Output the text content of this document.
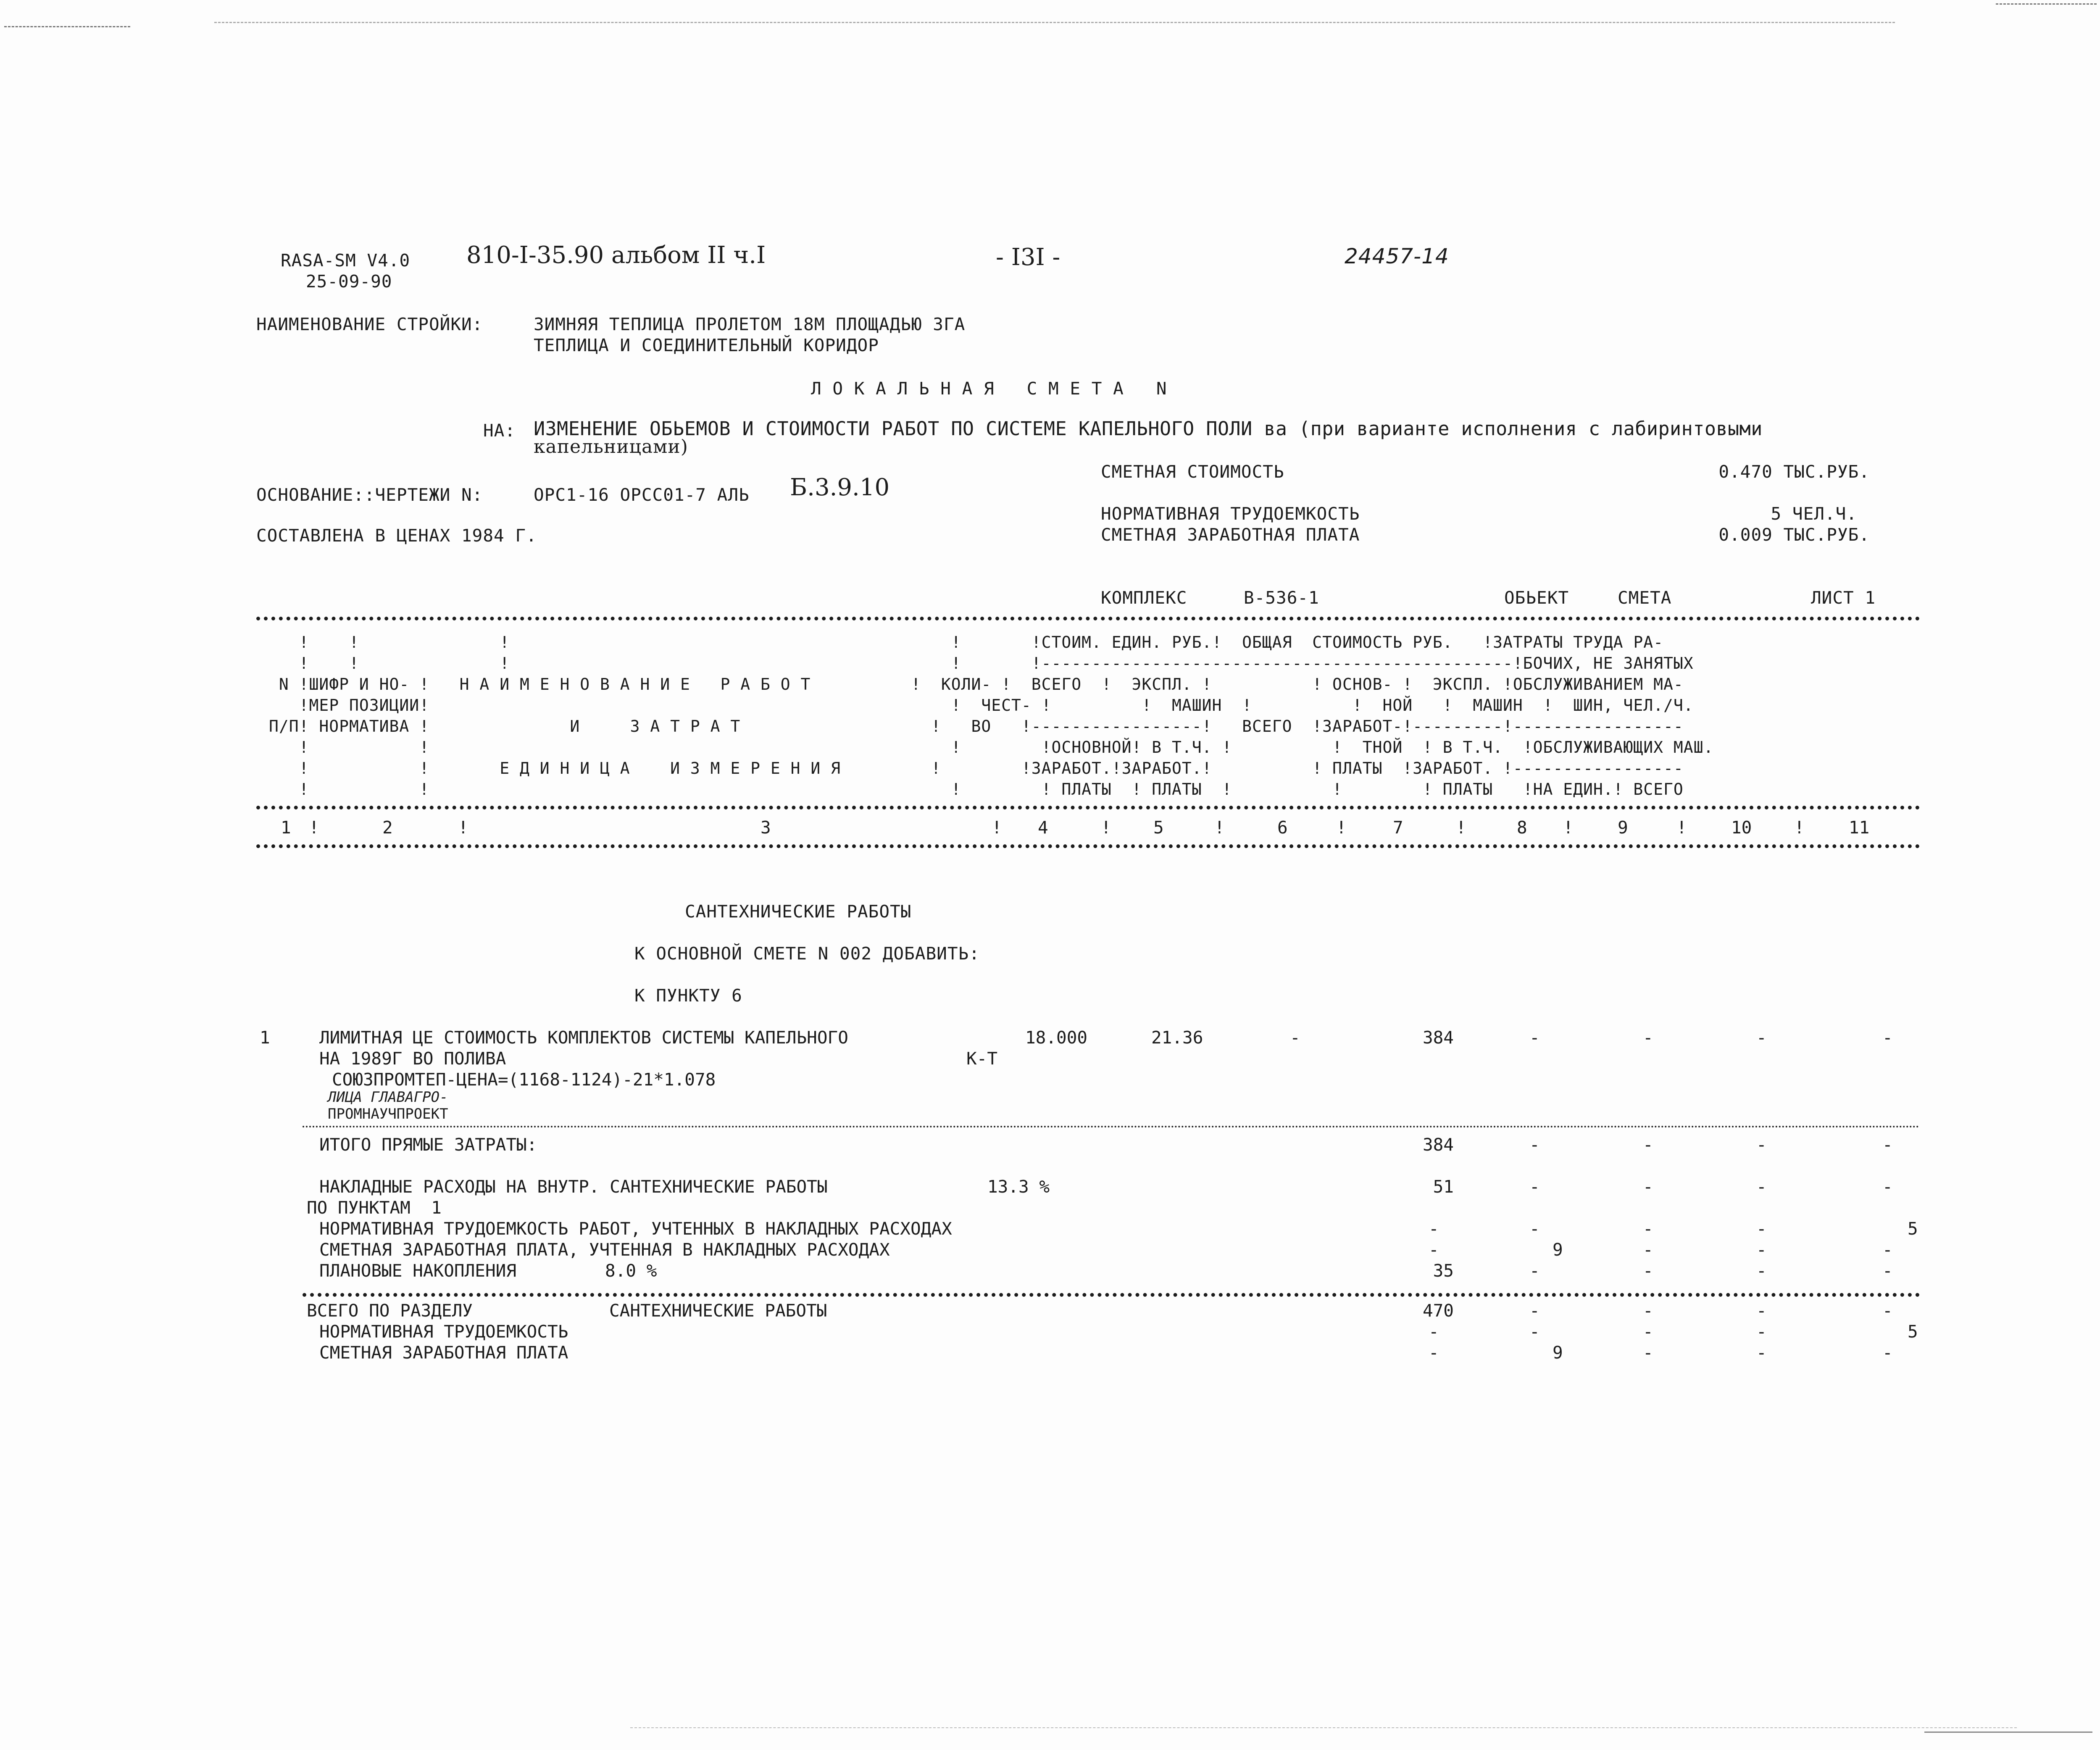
RASA-SM V4.0
25-09-90
810-I-35.90 альбом II ч.I	- I3I -	24457-14
НАИМЕНОВАНИЕ СТРОЙКИ:	ЗИМНЯЯ ТЕПЛИЦА ПРОЛЕТОМ 18М ПЛОЩАДЬЮ 3ГА
ТЕПЛИЦА И СОЕДИНИТЕЛЬНЫЙ КОРИДОР
Л О К А Л Ь Н А Я   С М Е Т А   N
НА: ИЗМЕНЕНИЕ ОБЬЕМОВ И СТОИМОСТИ РАБОТ ПО СИСТЕМЕ КАПЕЛЬНОГО ПОЛИ ва (при варианте исполнения с лабиринтовыми
капельницами)
ОСНОВАНИЕ::ЧЕРТЕЖИ N:	ОРС1-16 ОРСС01-7 АЛЬ Б.3.9.10
СОСТАВЛЕНА В ЦЕНАХ 1984 Г.
СМЕТНАЯ СТОИМОСТЬ	0.470 ТЫС.РУБ.
НОРМАТИВНАЯ ТРУДОЕМКОСТЬ	5 ЧЕЛ.Ч.
СМЕТНАЯ ЗАРАБОТНАЯ ПЛАТА	0.009 ТЫС.РУБ.
КОМПЛЕКС	В-536-1	ОБЬЕКТ	СМЕТА	ЛИСТ 1
!    !              !                                            !       !СТОИМ. ЕДИН. РУБ.!  ОБЩАЯ  СТОИМОСТЬ РУБ.   !ЗАТРАТЫ ТРУДА РА-
!    !              !                                            !       !-----------------------------------------------!БОЧИХ, НЕ ЗАНЯТЫХ
N !ШИФР И НО- !   Н А И М Е Н О В А Н И Е   Р А Б О Т          !  КОЛИ- !  ВСЕГО  !  ЭКСПЛ. !          ! ОСНОВ- !  ЭКСПЛ. !ОБСЛУЖИВАНИЕМ МА-
!МЕР ПОЗИЦИИ!                                                    !  ЧЕСТ- !         !  МАШИН  !          !  НОЙ   !  МАШИН  !  ШИН, ЧЕЛ./Ч.
П/П! НОРМАТИВА !              И     З А Т Р А Т                   !   ВО   !-----------------!   ВСЕГО  !ЗАРАБОТ-!---------!-----------------
!           !                                                    !        !ОСНОВНОЙ! В Т.Ч. !          !  ТНОЙ  ! В Т.Ч.  !ОБСЛУЖИВАЮЩИХ МАШ.
!           !       Е Д И Н И Ц А    И З М Е Р Е Н И Я         !        !ЗАРАБОТ.!ЗАРАБОТ.!          ! ПЛАТЫ  !ЗАРАБОТ. !-----------------
!           !                                                    !        ! ПЛАТЫ  ! ПЛАТЫ  !          !        ! ПЛАТЫ   !НА ЕДИН.! ВСЕГО
1	2	3	4	5	6	7	8	9	10	11
!	!	!	!	!	!	!	!	!	!
САНТЕХНИЧЕСКИЕ РАБОТЫ
К ОСНОВНОЙ СМЕТЕ N 002 ДОБАВИТЬ:
К ПУНКТУ 6
1	ЛИМИТНАЯ ЦЕ СТОИМОСТЬ КОМПЛЕКТОВ СИСТЕМЫ КАПЕЛЬНОГО
НА 1989Г ВО ПОЛИВА	К-Т
СОЮЗПРОМТЕП-ЦЕНА=(1168-1124)-21*1.078
ЛИЦА ГЛАВАГРО-
ПРОМНАУЧПРОЕКТ
18.000	21.36	-	384	-	-	-	-
ИТОГО ПРЯМЫЕ ЗАТРАТЫ:	384	-	-	-	-
НАКЛАДНЫЕ РАСХОДЫ НА ВНУТР. САНТЕХНИЧЕСКИЕ РАБОТЫ	13.3 %	51	-	-	-	-
ПО ПУНКТАМ  1
НОРМАТИВНАЯ ТРУДОЕМКОСТЬ РАБОТ, УЧТЕННЫХ В НАКЛАДНЫХ РАСХОДАХ	-	-	-	-	5
СМЕТНАЯ ЗАРАБОТНАЯ ПЛАТА, УЧТЕННАЯ В НАКЛАДНЫХ РАСХОДАХ	-	9	-	-	-
ПЛАНОВЫЕ НАКОПЛЕНИЯ	8.0 %	35	-	-	-	-
ВСЕГО ПО РАЗДЕЛУ	САНТЕХНИЧЕСКИЕ РАБОТЫ	470	-	-	-	-
НОРМАТИВНАЯ ТРУДОЕМКОСТЬ	-	-	-	-	5
СМЕТНАЯ ЗАРАБОТНАЯ ПЛАТА	-	9	-	-	-
